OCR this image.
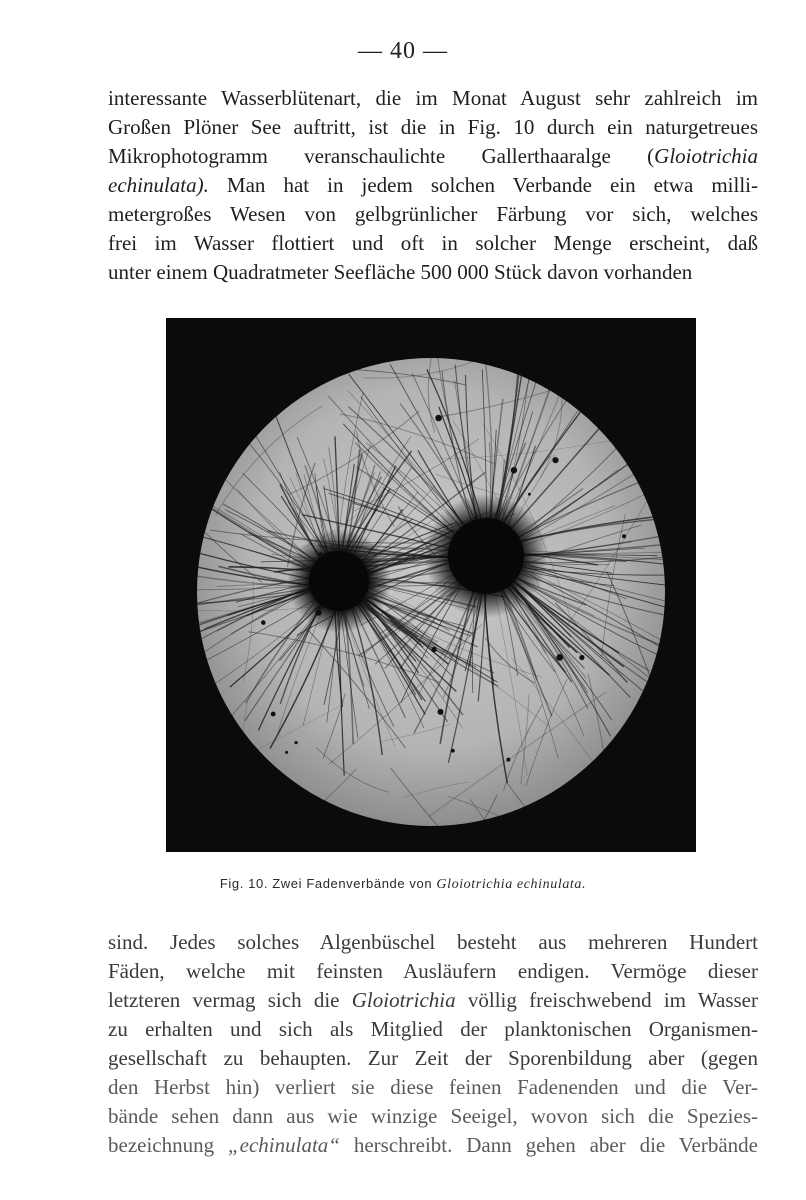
— 40 —
interessante Wasserblütenart, die im Monat August sehr zahlreich im
Großen Plöner See auftritt, ist die in Fig. 10 durch ein naturgetreues
Mikrophotogramm veranschaulichte Gallerthaaralge (Gloiotrichia
echinulata). Man hat in jedem solchen Verbande ein etwa milli-
metergroßes Wesen von gelbgrünlicher Färbung vor sich, welches
frei im Wasser flottiert und oft in solcher Menge erscheint, daß
unter einem Quadratmeter Seefläche 500 000 Stück davon vorhanden
Fig. 10. Zwei Fadenverbände von Gloiotrichia echinulata.
sind. Jedes solches Algenbüschel besteht aus mehreren Hundert
Fäden, welche mit feinsten Ausläufern endigen. Vermöge dieser
letzteren vermag sich die Gloiotrichia völlig freischwebend im Wasser
zu erhalten und sich als Mitglied der planktonischen Organismen-
gesellschaft zu behaupten. Zur Zeit der Sporenbildung aber (gegen
den Herbst hin) verliert sie diese feinen Fadenenden und die Ver-
bände sehen dann aus wie winzige Seeigel, wovon sich die Spezies-
bezeichnung „echinulata“ herschreibt. Dann gehen aber die Verbände
